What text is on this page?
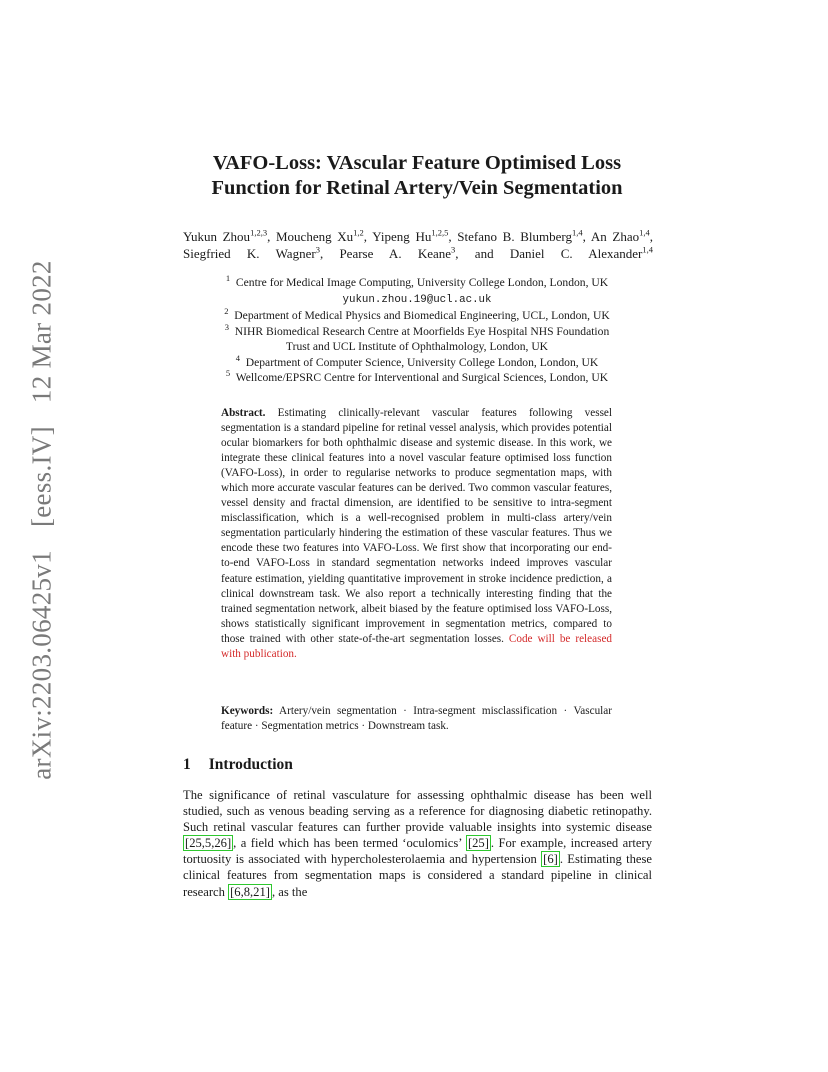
arXiv:2203.06425v1 [eess.IV] 12 Mar 2022
VAFO-Loss: VAscular Feature Optimised Loss
Function for Retinal Artery/Vein Segmentation
Yukun Zhou$^{1,2,3}$, Moucheng Xu$^{1,2}$, Yipeng Hu$^{1,2,5}$, Stefano B. Blumberg$^{1,4}$, An Zhao$^{1,4}$, Siegfried K. Wagner$^3$, Pearse A. Keane$^3$, and Daniel C. Alexander$^{1,4}$
$^1$ Centre for Medical Image Computing, University College London, London, UK
yukun.zhou.19@ucl.ac.uk
$^2$ Department of Medical Physics and Biomedical Engineering, UCL, London, UK
$^3$ NIHR Biomedical Research Centre at Moorfields Eye Hospital NHS Foundation
Trust and UCL Institute of Ophthalmology, London, UK
$^4$ Department of Computer Science, University College London, London, UK
$^5$ Wellcome/EPSRC Centre for Interventional and Surgical Sciences, London, UK
Abstract. Estimating clinically-relevant vascular features following vessel segmentation is a standard pipeline for retinal vessel analysis, which provides potential ocular biomarkers for both ophthalmic disease and systemic disease. In this work, we integrate these clinical features into a novel vascular feature optimised loss function (VAFO-Loss), in order to regularise networks to produce segmentation maps, with which more accurate vascular features can be derived. Two common vascular features, vessel density and fractal dimension, are identified to be sensitive to intra-segment misclassification, which is a well-recognised problem in multi-class artery/vein segmentation particularly hindering the estimation of these vascular features. Thus we encode these two features into VAFO-Loss. We first show that incorporating our end-to-end VAFO-Loss in standard segmentation networks indeed improves vascular feature estimation, yielding quantitative improvement in stroke incidence prediction, a clinical downstream task. We also report a technically interesting finding that the trained segmentation network, albeit biased by the feature optimised loss VAFO-Loss, shows statistically significant improvement in segmentation metrics, compared to those trained with other state-of-the-art segmentation losses. Code will be released with publication.
Keywords: Artery/vein segmentation · Intra-segment misclassification · Vascular feature · Segmentation metrics · Downstream task.
1 Introduction
The significance of retinal vasculature for assessing ophthalmic disease has been well studied, such as venous beading serving as a reference for diagnosing diabetic retinopathy. Such retinal vascular features can further provide valuable insights into systemic disease [25,5,26] , a field which has been termed ‘oculomics’ [25] . For example, increased artery tortuosity is associated with hypercholesterolaemia and hypertension [6] . Estimating these clinical features from segmentation maps is considered a standard pipeline in clinical research [6,8,21] , as the
